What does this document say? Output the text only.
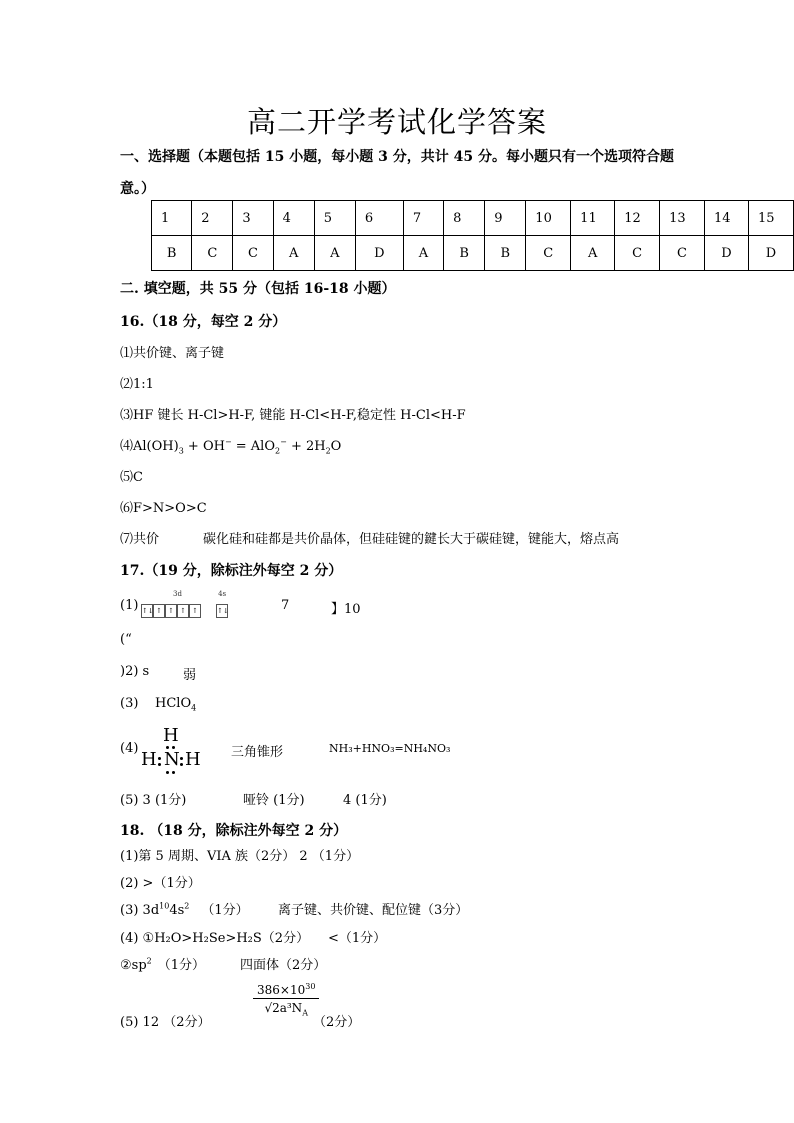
高二开学考试化学答案
一、选择题（本题包括 15 小题，每小题 3 分，共计 45 分。每小题只有一个选项符合题
意。）
1	2	3	4	5	6	7	8	9	10	11	12	13	14	15
B	C	C	A	A	D	A	B	B	C	A	C	C	D	D
二. 填空题，共 55 分（包括 16-18 小题）
16.（18 分，每空 2 分）
⑴共价键、离子键
⑵1:1
⑶HF 键长 H-Cl>H-F, 键能 H-Cl<H-F,稳定性 H-Cl<H-F
$⑷Al(OH)_3 + OH^- = AlO_2^- + 2H_2O$
⑸C
⑹F>N>O>C
⑺共价	碳化硅和硅都是共价晶体，但硅硅键的鍵长大于碳硅键，键能大，熔点高
17.（19 分，除标注外每空 2 分）
(1)
3d
↑↓ ↑ ↑ ↑ ↑
4s
↑↓	7	】10
(“
)2) s	弱
(3) HClO$_4$
(4)
H
H N H 三角锥形	NH₃+HNO₃=NH₄NO₃
(5) 3 (1分)	哑铃 (1分)	4 (1分)
18. （18 分，除标注外每空 2 分）
(1)第 5 周期、VIA 族（2分） 2 （1分）
(2) >（1分）
(3) $3d^{10}4s^2$ （1分） 离子键、共价键、配位键（3分）
(4) ①H₂O>H₂Se>H₂S（2分） <（1分）
$②sp^2$ （1分）	四面体（2分）
(5) 12 （2分）
$\frac{386\times 10^{30}}{√2a^3N_A}$
（2分）
